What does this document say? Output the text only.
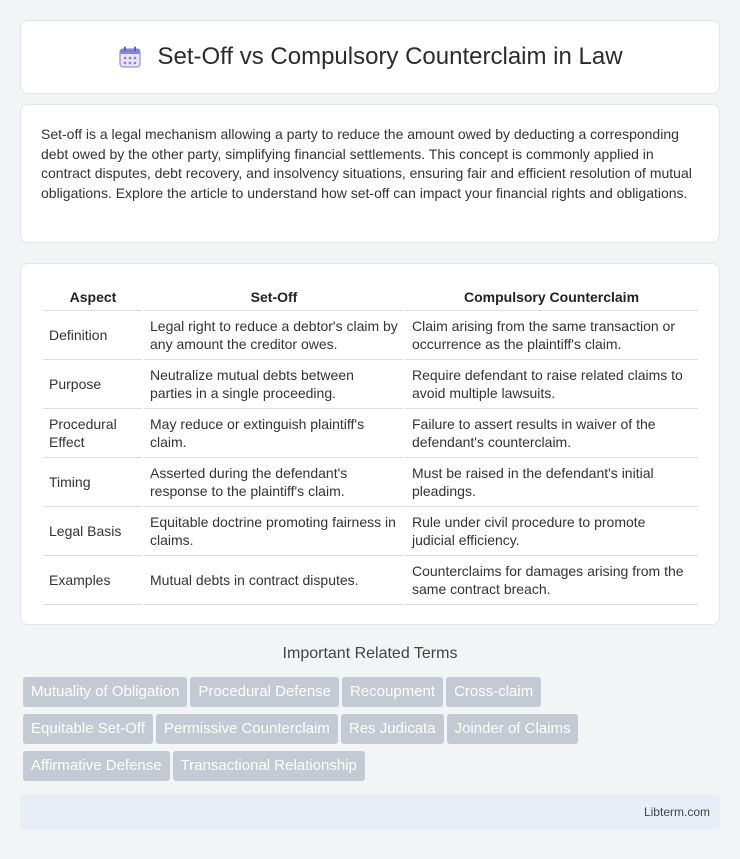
Set-Off vs Compulsory Counterclaim in Law

Set-off is a legal mechanism allowing a party to reduce the amount owed by deducting a corresponding debt owed by the other party, simplifying financial settlements. This concept is commonly applied in contract disputes, debt recovery, and insolvency situations, ensuring fair and efficient resolution of mutual obligations. Explore the article to understand how set-off can impact your financial rights and obligations.

Aspect	Set-Off	Compulsory Counterclaim
Definition	Legal right to reduce a debtor's claim by any amount the creditor owes.	Claim arising from the same transaction or occurrence as the plaintiff's claim.
Purpose	Neutralize mutual debts between parties in a single proceeding.	Require defendant to raise related claims to avoid multiple lawsuits.
Procedural Effect	May reduce or extinguish plaintiff's claim.	Failure to assert results in waiver of the defendant's counterclaim.
Timing	Asserted during the defendant's response to the plaintiff's claim.	Must be raised in the defendant's initial pleadings.
Legal Basis	Equitable doctrine promoting fairness in claims.	Rule under civil procedure to promote judicial efficiency.
Examples	Mutual debts in contract disputes.	Counterclaims for damages arising from the same contract breach.
Important Related Terms
Mutuality of Obligation Procedural Defense Recoupment Cross-claim
Equitable Set-Off Permissive Counterclaim Res Judicata Joinder of Claims
Affirmative Defense Transactional Relationship
Libterm.com
